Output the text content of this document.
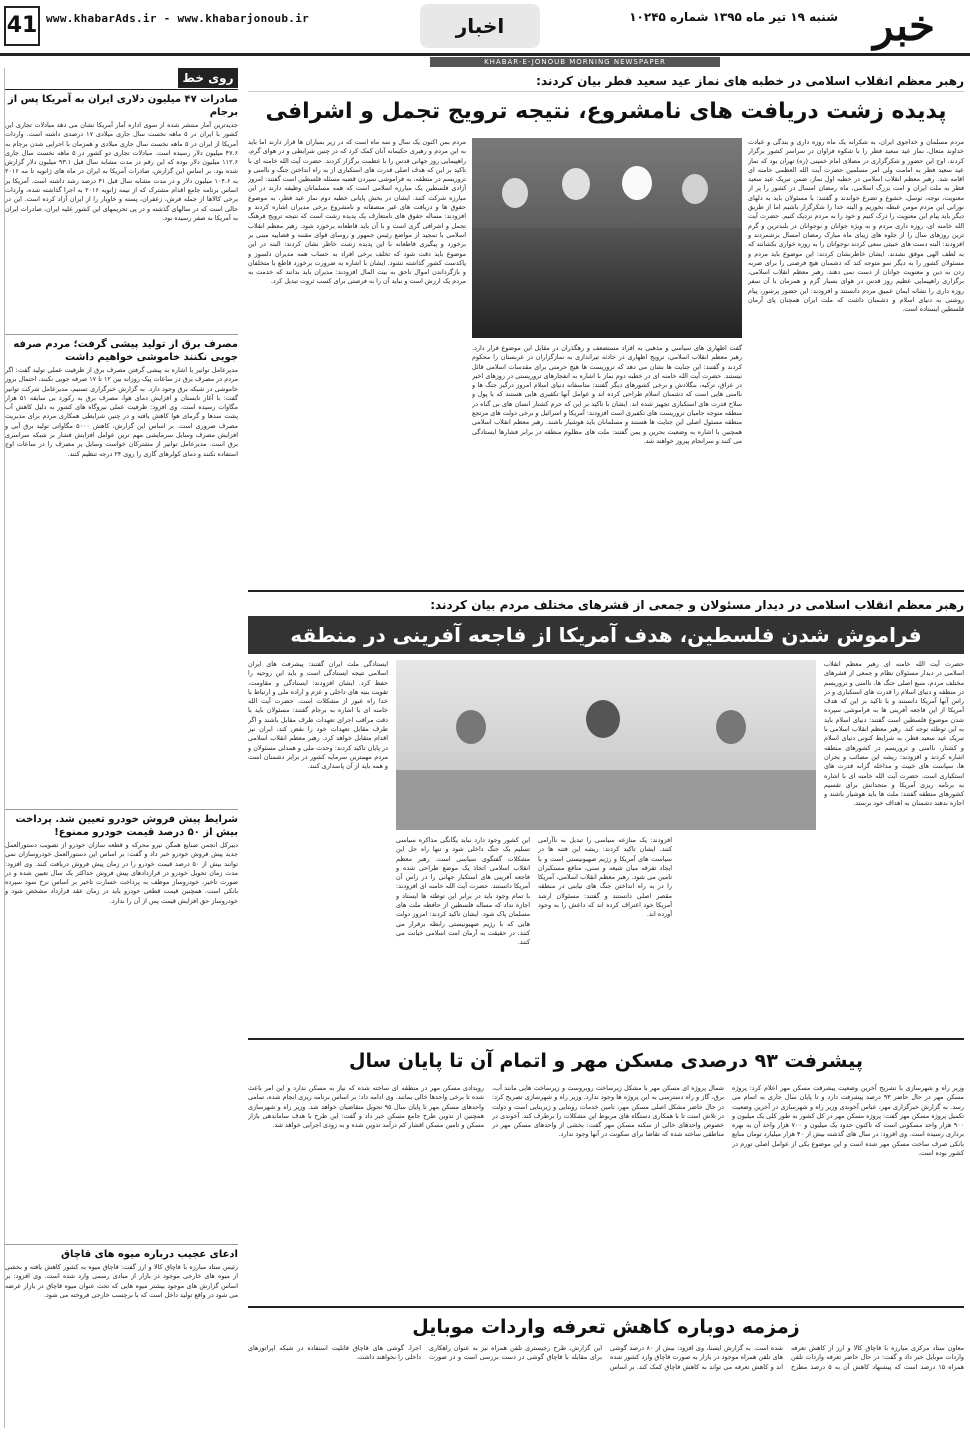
خبر
شنبه ۱۹ تیر ماه ۱۳۹۵ شماره ۱۰۲۴۵
اخبار
www.khabarAds.ir - www.khabarjonoub.ir
41
KHABAR-E-JONOUB MORNING NEWSPAPER
روی خط
صادرات ۴۷ میلیون دلاری ایران به آمریکا پس از برجام
جدیدترین آمار منتشر شده از سوی اداره آمار آمریکا نشان می دهد مبادلات تجاری این کشور با ایران در ۵ ماهه نخست سال جاری میلادی ۱۷ درصدی داشته است. واردات آمریکا از ایران در ۵ ماهه نخست سال جاری میلادی و همزمان با اجرایی شدن برجام به ۴۷.۶ میلیون دلار رسیده است. مبادلات تجاری دو کشور در ۵ ماهه نخست سال جاری ۱۱۲.۶ میلیون دلار بوده که این رقم در مدت مشابه سال قبل ۹۳.۱ میلیون دلار گزارش شده بود. بر اساس این گزارش، صادرات آمریکا به ایران در ماه های ژانویه تا مه ۲۰۱۶ به ۱۰۴.۶ میلیون دلار و در مدت مشابه سال قبل ۴۱ درصد رشد داشته است. آمریکا بر اساس برنامه جامع اقدام مشترک که از نیمه ژانویه ۲۰۱۶ به اجرا گذاشته شده، واردات برخی کالاها از جمله فرش، زعفران، پسته و خاویار را از ایران آزاد کرده است. این در حالی است که در سالهای گذشته و در پی تحریمهای این کشور علیه ایران، صادرات ایران به آمریکا به صفر رسیده بود.
مصرف برق از تولید پیشی گرفت؛ مردم صرفه جویی نکنند خاموشی خواهیم داشت
مدیرعامل توانیر با اشاره به پیشی گرفتن مصرف برق از ظرفیت عملی تولید گفت: اگر مردم در مصرف برق در ساعات پیک روزانه بین ۱۲ تا ۱۷ صرفه جویی نکنند، احتمال بروز خاموشی در شبکه برق وجود دارد. به گزارش خبرگزاری تسنیم، مدیرعامل شرکت توانیر گفت: با آغاز تابستان و افزایش دمای هوا، مصرف برق به رکورد بی سابقه ۵۱ هزار مگاوات رسیده است. وی افزود: ظرفیت عملی نیروگاه های کشور به دلیل کاهش آب پشت سدها و گرمای هوا کاهش یافته و در چنین شرایطی همکاری مردم برای مدیریت مصرف ضروری است. بر اساس این گزارش، کاهش ۵۰۰۰ مگاواتی تولید برق آبی و افزایش مصرف وسایل سرمایشی مهم ترین عوامل افزایش فشار بر شبکه سراسری برق است. مدیرعامل توانیر از مشترکان خواست وسایل پر مصرف را در ساعات اوج استفاده نکنند و دمای کولرهای گازی را روی ۲۴ درجه تنظیم کنند.
شرایط پیش فروش خودرو تعیین شد. پرداخت بیش از ۵۰ درصد قیمت خودرو ممنوع!
دبیرکل انجمن صنایع همگن نیرو محرکه و قطعه سازان خودرو از تصویب دستورالعمل جدید پیش فروش خودرو خبر داد و گفت: بر اساس این دستورالعمل خودروسازان نمی توانند بیش از ۵۰ درصد قیمت خودرو را در زمان پیش فروش دریافت کنند. وی افزود: مدت زمان تحویل خودرو در قراردادهای پیش فروش حداکثر یک سال تعیین شده و در صورت تاخیر، خودروساز موظف به پرداخت خسارت تاخیر بر اساس نرخ سود سپرده بانکی است. همچنین قیمت قطعی خودرو باید در زمان عقد قرارداد مشخص شود و خودروساز حق افزایش قیمت پس از آن را ندارد.
ادعای عجیب درباره میوه های قاچاق
رئیس ستاد مبارزه با قاچاق کالا و ارز گفت: قاچاق میوه به کشور کاهش یافته و بخشی از میوه های خارجی موجود در بازار از مبادی رسمی وارد شده است. وی افزود: بر اساس گزارش های موجود بیشتر میوه هایی که تحت عنوان میوه قاچاق در بازار عرضه می شود در واقع تولید داخل است که با برچسب خارجی فروخته می شود.
رهبر معظم انقلاب اسلامی در خطبه های نماز عید سعید فطر بیان کردند:
پدیده زشت دریافت های نامشروع، نتیجه ترویج تجمل و اشرافی
مردم مسلمان و خداجوی ایران، به شکرانه یک ماه روزه داری و بندگی و عبادت خداوند متعال، نماز عید سعید فطر را با شکوه فراوان در سراسر کشور برگزار کردند. اوج این حضور و شکرگزاری در مصلای امام خمینی (ره) تهران بود که نماز عید سعید فطر به امامت ولی امر مسلمین حضرت آیت الله العظمی خامنه ای اقامه شد. رهبر معظم انقلاب اسلامی در خطبه اول نماز، ضمن تبریک عید سعید فطر به ملت ایران و امت بزرگ اسلامی، ماه رمضان امسال در کشور را پر از معنویت، توجه، توسل، خشوع و تضرع خواندند و گفتند: با مسئولان باید به دلهای نورانی این مردم مومن غبطه بخوریم و البته خدا را شکرگزار باشیم اما از طریق دیگر باید پیام این معنویت را درک کنیم و خود را به مردم نزدیک کنیم. حضرت آیت الله خامنه ای، روزه داری مردم و به ویژه جوانان و نوجوانان در بلندترین و گرم ترین روزهای سال را از جلوه های زیبای ماه مبارک رمضان امسال برشمردند و افزودند: البته دست های خبیثی سعی کردند نوجوانان را به روزه خواری بکشانند که به لطف الهی موفق نشدند. ایشان خاطرنشان کردند: این موضوع باید مردم و مسئولان کشور را به دیگر سو متوجه کند که دشمنان هیچ فرصتی را برای ضربه زدن به دین و معنویت جوانان از دست نمی دهند. رهبر معظم انقلاب اسلامی، برگزاری راهپیمایی عظیم روز قدس در هوای بسیار گرم و همزمان با آن سفر روزه داری را نشانه ایمان عمیق مردم دانستند و افزودند: این حضور پرشور، پیام روشنی به دنیای اسلام و دشمنان داشت که ملت ایران همچنان پای آرمان فلسطین ایستاده است.
مردم بمن اکنون یک سال و سه ماه است که در زیر بمباران ها قرار دارند اما باید به این مردم و رهبری حکیمانه آنان کمک کرد که در چنین شرایطی و در هوای گرم، راهپیمایی روز جهانی قدس را با عظمت برگزار کردند. حضرت آیت الله خامنه ای با تاکید بر این که هدف اصلی قدرت های استکباری از به راه انداختن جنگ و ناامنی و تروریسم در منطقه، به فراموشی سپردن قضیه مسئله فلسطین است گفتند: امروز آزادی فلسطین یک مبارزه اسلامی است که همه مسلمانان وظیفه دارند در این مبارزه شرکت کنند. ایشان در بخش پایانی خطبه دوم نماز عید فطر، به موضوع حقوق ها و دریافت های غیر منصفانه و نامشروع برخی مدیران اشاره کردند و افزودند: مساله حقوق های نامتعارف یک پدیده زشت است که نتیجه ترویج فرهنگ تجمل و اشرافی گری است و با آن باید قاطعانه برخورد شود. رهبر معظم انقلاب اسلامی با تمجید از مواضع رئیس جمهور و روسای قوای مقننه و قضاییه مبنی بر برخورد و پیگیری قاطعانه با این پدیده زشت خاطر نشان کردند: البته در این موضوع باید دقت شود که تخلف برخی افراد به حساب همه مدیران دلسوز و پاکدست کشور گذاشته نشود. ایشان با اشاره به ضرورت برخورد قاطع با متخلفان و بازگرداندن اموال ناحق به بیت المال افزودند: مدیران باید بدانند که خدمت به مردم یک ارزش است و نباید آن را به فرصتی برای کسب ثروت تبدیل کرد.
گفت اظهاری های سیاسی و مذهبی به افراد مستضعف و رهگذران در مقابل این موضوع قرار دارد. رهبر معظم انقلاب اسلامی، ترویج اظهاری در حادثه تیراندازی به نمازگزاران در عربستان را محکوم کردند و گفتند: این جنایت ها نشان می دهد که تروریست ها هیچ حرمتی برای مقدسات اسلامی قائل نیستند. حضرت آیت الله خامنه ای در خطبه دوم نماز با اشاره به انفجارهای تروریستی در روزهای اخیر در عراق، ترکیه، بنگلادش و برخی کشورهای دیگر گفتند: متاسفانه دنیای اسلام امروز درگیر جنگ ها و ناامنی هایی است که دشمنان اسلام طراحی کرده اند و عوامل آنها تکفیری هایی هستند که با پول و سلاح قدرت های استکباری تجهیز شده اند. ایشان با تاکید بر این که جرم کشتار انسان های بی گناه در منطقه متوجه حامیان تروریست های تکفیری است افزودند: آمریکا و اسرائیل و برخی دولت های مرتجع منطقه مسئول اصلی این جنایت ها هستند و مسلمانان باید هوشیار باشند. رهبر معظم انقلاب اسلامی همچنین با اشاره به وضعیت بحرین و یمن گفتند: ملت های مظلوم منطقه در برابر فشارها ایستادگی می کنند و سرانجام پیروز خواهند شد.
رهبر معظم انقلاب اسلامی در دیدار مسئولان و جمعی از قشرهای مختلف مردم بیان کردند:
فراموش شدن فلسطین، هدف آمریکا از فاجعه آفرینی در منطقه
حضرت آیت الله خامنه ای رهبر معظم انقلاب اسلامی در دیدار مسئولان نظام و جمعی از قشرهای مختلف مردم، منبع اصلی جنگ ها، ناامنی و تروریسم در منطقه و دنیای اسلام را قدرت های استکباری و در راس آنها آمریکا دانستند و با تاکید بر این که هدف آمریکا از این فاجعه آفرینی ها به فراموشی سپرده شدن موضوع فلسطین است گفتند: دنیای اسلام باید به این توطئه توجه کند. رهبر معظم انقلاب اسلامی با تبریک عید سعید فطر، به شرایط کنونی دنیای اسلام و کشتار، ناامنی و تروریسم در کشورهای منطقه اشاره کردند و افزودند: ریشه این مصائب و بحران ها، سیاست های خبیث و مداخله گرانه قدرت های استکباری است. حضرت آیت الله خامنه ای با اشاره به برنامه ریزی آمریکا و متحدانش برای تقسیم کشورهای منطقه گفتند: ملت ها باید هوشیار باشند و اجازه ندهند دشمنان به اهداف خود برسند.
این کشور وجود دارد نباید یگانگی مذاکره سیاسی تسلیم یک جنگ داخلی شود و تنها راه حل این مشکلات گفتگوی سیاسی است. رهبر معظم انقلاب اسلامی اتخاذ یک موضع طراحی شده و فاجعه آفرینی های استکبار جهانی را در راس آن آمریکا دانستند. حضرت آیت الله خامنه ای افزودند: با تمام وجود باید در برابر این توطئه ها ایستاد و اجازه نداد که مساله فلسطین از حافظه ملت های مسلمان پاک شود. ایشان تاکید کردند: امروز دولت هایی که با رژیم صهیونیستی رابطه برقرار می کنند، در حقیقت به آرمان امت اسلامی خیانت می کنند.
افزودند: یک منازعه سیاسی را تبدیل به ناآرامی کنند. ایشان تاکید کردند: ریشه این فتنه ها در سیاست های آمریکا و رژیم صهیونیستی است و با ایجاد تفرقه میان شیعه و سنی، منافع مستکبران تامین می شود. رهبر معظم انقلاب اسلامی، آمریکا را در به راه انداختن جنگ های نیابتی در منطقه مقصر اصلی دانستند و گفتند: مسئولان ارشد آمریکا خود اعتراف کرده اند که داعش را به وجود آورده اند.
ایستادگی ملت ایران گفتند: پیشرفت های ایران اسلامی نتیجه ایستادگی است و باید این روحیه را حفظ کرد. ایشان افزودند: ایستادگی و مقاومت، تقویت بنیه های داخلی و عزم و اراده ملی و ارتباط با خدا راه عبور از مشکلات است. حضرت آیت الله خامنه ای با اشاره به برجام گفتند: مسئولان باید با دقت مراقب اجرای تعهدات طرف مقابل باشند و اگر طرف مقابل تعهدات خود را نقض کند، ایران نیز اقدام متقابل خواهد کرد. رهبر معظم انقلاب اسلامی در پایان تاکید کردند: وحدت ملی و همدلی مسئولان و مردم مهمترین سرمایه کشور در برابر دشمنان است و همه باید از آن پاسداری کنند.
پیشرفت ۹۳ درصدی مسکن مهر و اتمام آن تا پایان سال
وزیر راه و شهرسازی با تشریح آخرین وضعیت پیشرفت مسکن مهر اعلام کرد: پروژه مسکن مهر در حال حاضر ۹۳ درصد پیشرفت دارد و تا پایان سال جاری به اتمام می رسد. به گزارش خبرگزاری مهر، عباس آخوندی وزیر راه و شهرسازی در آخرین وضعیت تکمیل پروژه مسکن مهر گفت: پروژه مسکن مهر در کل کشور به طور کلی یک میلیون و ۹۰۰ هزار واحد مسکونی است که تاکنون حدود یک میلیون و ۷۰۰ هزار واحد آن به بهره برداری رسیده است. وی افزود: در سال های گذشته بیش از ۴۰ هزار میلیارد تومان منابع بانکی صرف ساخت مسکن مهر شده است و این موضوع یکی از عوامل اصلی تورم در کشور بوده است.
شمال پروژه ای مسکن مهر با مشکل زیرساخت روبروست و زیرساخت هایی مانند آب، برق، گاز و راه دسترسی به این پروژه ها وجود ندارد. وزیر راه و شهرسازی تصریح کرد: در حال حاضر مشکل اصلی مسکن مهر، تامین خدمات روبنایی و زیربنایی است و دولت در تلاش است تا با همکاری دستگاه های مربوط این مشکلات را برطرف کند. آخوندی در خصوص واحدهای خالی از سکنه مسکن مهر گفت: بخشی از واحدهای مسکن مهر در مناطقی ساخته شده که تقاضا برای سکونت در آنها وجود ندارد.
رویدادی مسکن مهر در منطقه ای ساخته شده که نیاز به مسکن ندارد و این امر باعث شده تا برخی واحدها خالی بمانند. وی ادامه داد: بر اساس برنامه ریزی انجام شده، تمامی واحدهای مسکن مهر تا پایان سال ۹۵ تحویل متقاضیان خواهد شد. وزیر راه و شهرسازی همچنین از تدوین طرح جامع مسکن خبر داد و گفت: این طرح با هدف ساماندهی بازار مسکن و تامین مسکن اقشار کم درآمد تدوین شده و به زودی اجرایی خواهد شد.
زمزمه دوباره کاهش تعرفه واردات موبایل
معاون ستاد مرکزی مبارزه با قاچاق کالا و ارز از کاهش تعرفه واردات موبایل خبر داد و گفت: در حال حاضر تعرفه واردات تلفن همراه ۱۵ درصد است که پیشنهاد کاهش آن به ۵ درصد مطرح شده است. به گزارش ایسنا، وی افزود: بیش از ۸۰ درصد گوشی های تلفن همراه موجود در بازار به صورت قاچاق وارد کشور شده اند و کاهش تعرفه می تواند به کاهش قاچاق کمک کند. بر اساس این گزارش، طرح رجیستری تلفن همراه نیز به عنوان راهکاری برای مقابله با قاچاق گوشی در دست بررسی است و در صورت اجرا، گوشی های قاچاق قابلیت استفاده در شبکه اپراتورهای داخلی را نخواهند داشت.
